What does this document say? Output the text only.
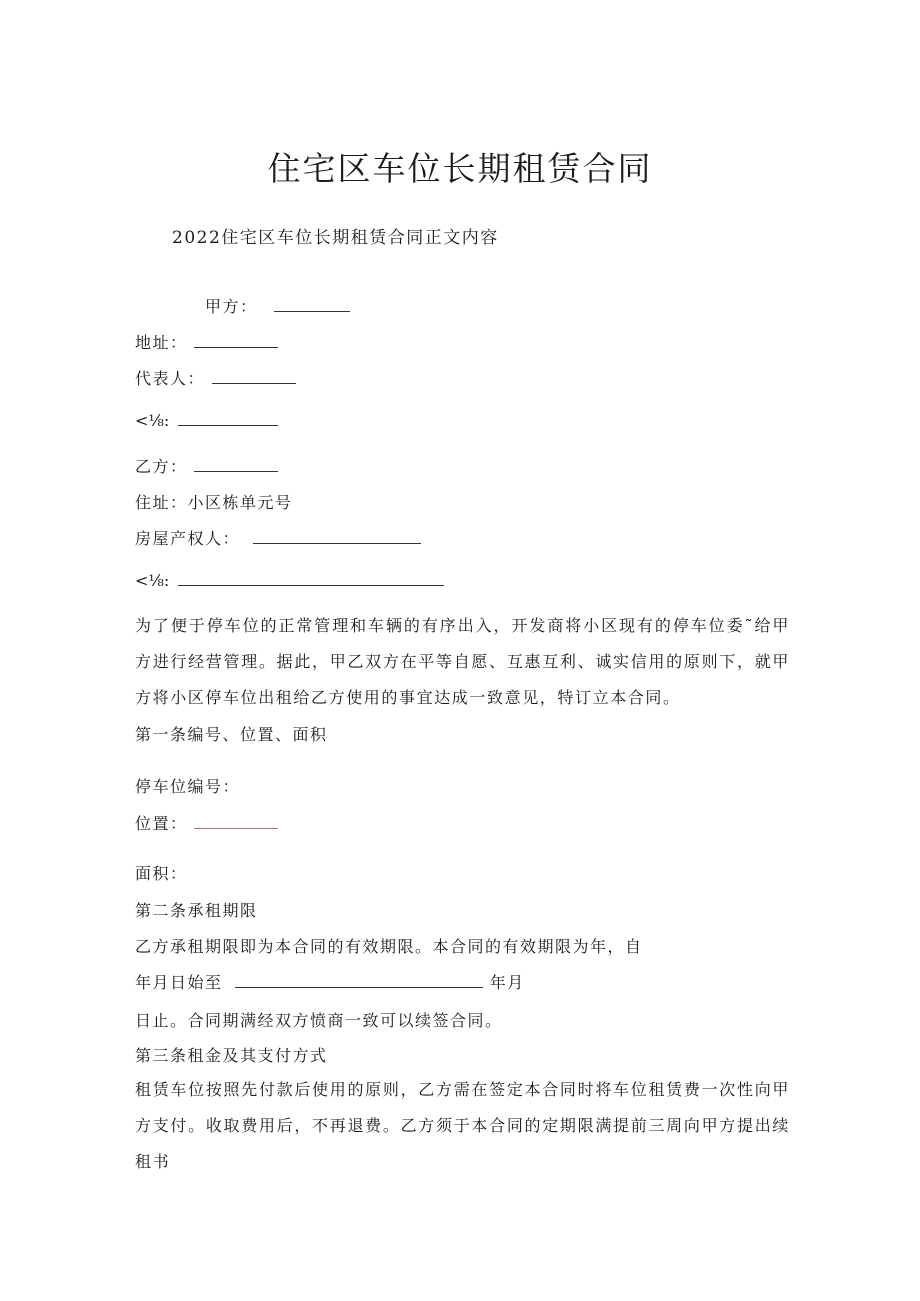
住宅区车位长期租赁合同
2022住宅区车位长期租赁合同正文内容
甲方：
地址：
代表人：
<⅛:
乙方：
住址：小区栋单元号
房屋产权人：
<⅛:
为了便于停车位的正常管理和车辆的有序出入，开发商将小区现有的停车位委˜给甲方进行经营管理。据此，甲乙双方在平等自愿、互惠互利、诚实信用的原则下，就甲方将小区停车位出租给乙方使用的事宜达成一致意见，特订立本合同。
第一条编号、位置、面积
停车位编号：
位置：
面积：
第二条承租期限
乙方承租期限即为本合同的有效期限。本合同的有效期限为年，自
年月日始至	年月
日止。合同期满经双方愤商一致可以续签合同。
第三条租金及其支付方式
租赁车位按照先付款后使用的原则，乙方需在签定本合同时将车位租赁费一次性向甲方支付。收取费用后，不再退费。乙方须于本合同的定期限满提前三周向甲方提出续租书
